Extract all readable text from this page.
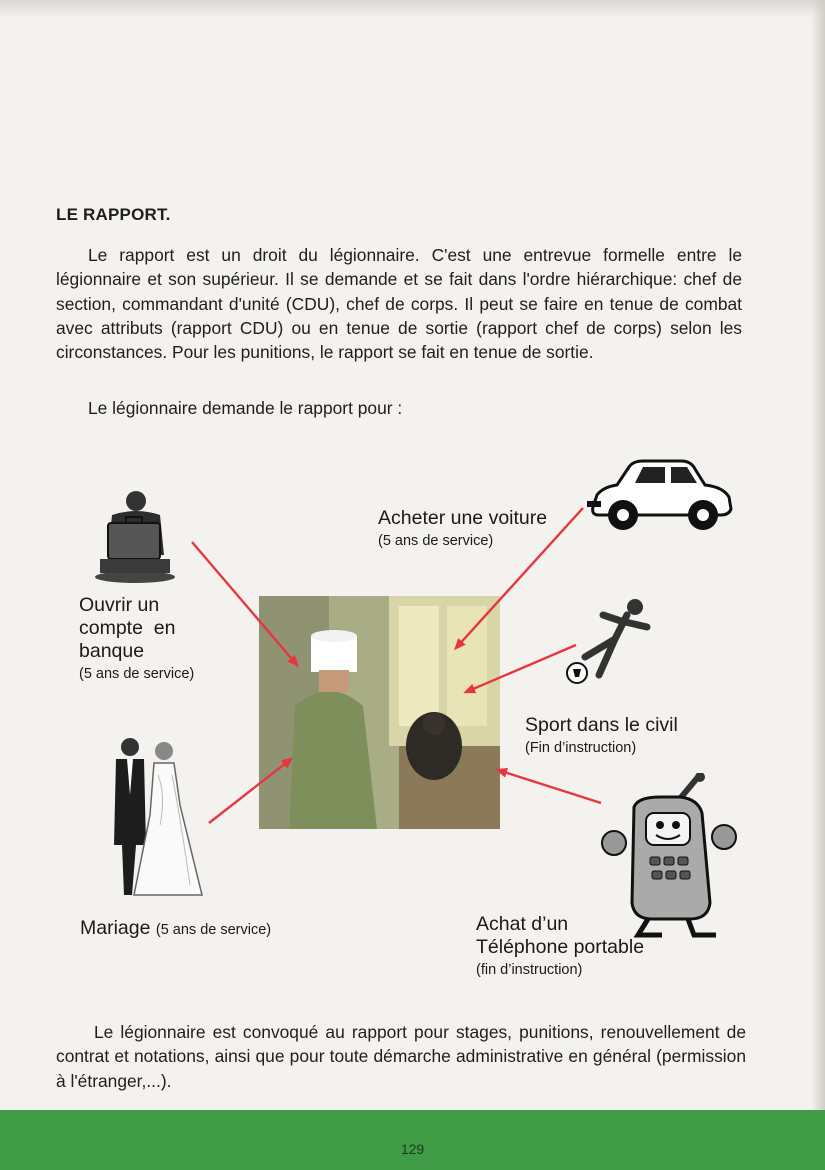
LE RAPPORT.
Le rapport est un droit du légionnaire. C'est une entrevue formelle entre le légionnaire et son supérieur. Il se demande et se fait dans l'ordre hiérarchique: chef de section, commandant d'unité (CDU), chef de corps. Il peut se faire en tenue de combat avec attributs (rapport CDU) ou en tenue de sortie (rapport chef de corps) selon les circonstances. Pour les punitions, le rapport se fait en tenue de sortie.
Le légionnaire demande le rapport pour :
Acheter une voiture
(5 ans de service)
Ouvrir un
compte  en
banque
(5 ans de service)
Sport dans le civil
(Fin d’instruction)
Mariage (5 ans de service)	Achat d’un
Téléphone portable
(fin d’instruction)
Le légionnaire est convoqué au rapport pour stages, punitions, renouvellement de contrat et notations, ainsi que pour toute démarche administrative en général (permission à l'étranger,...).
129
